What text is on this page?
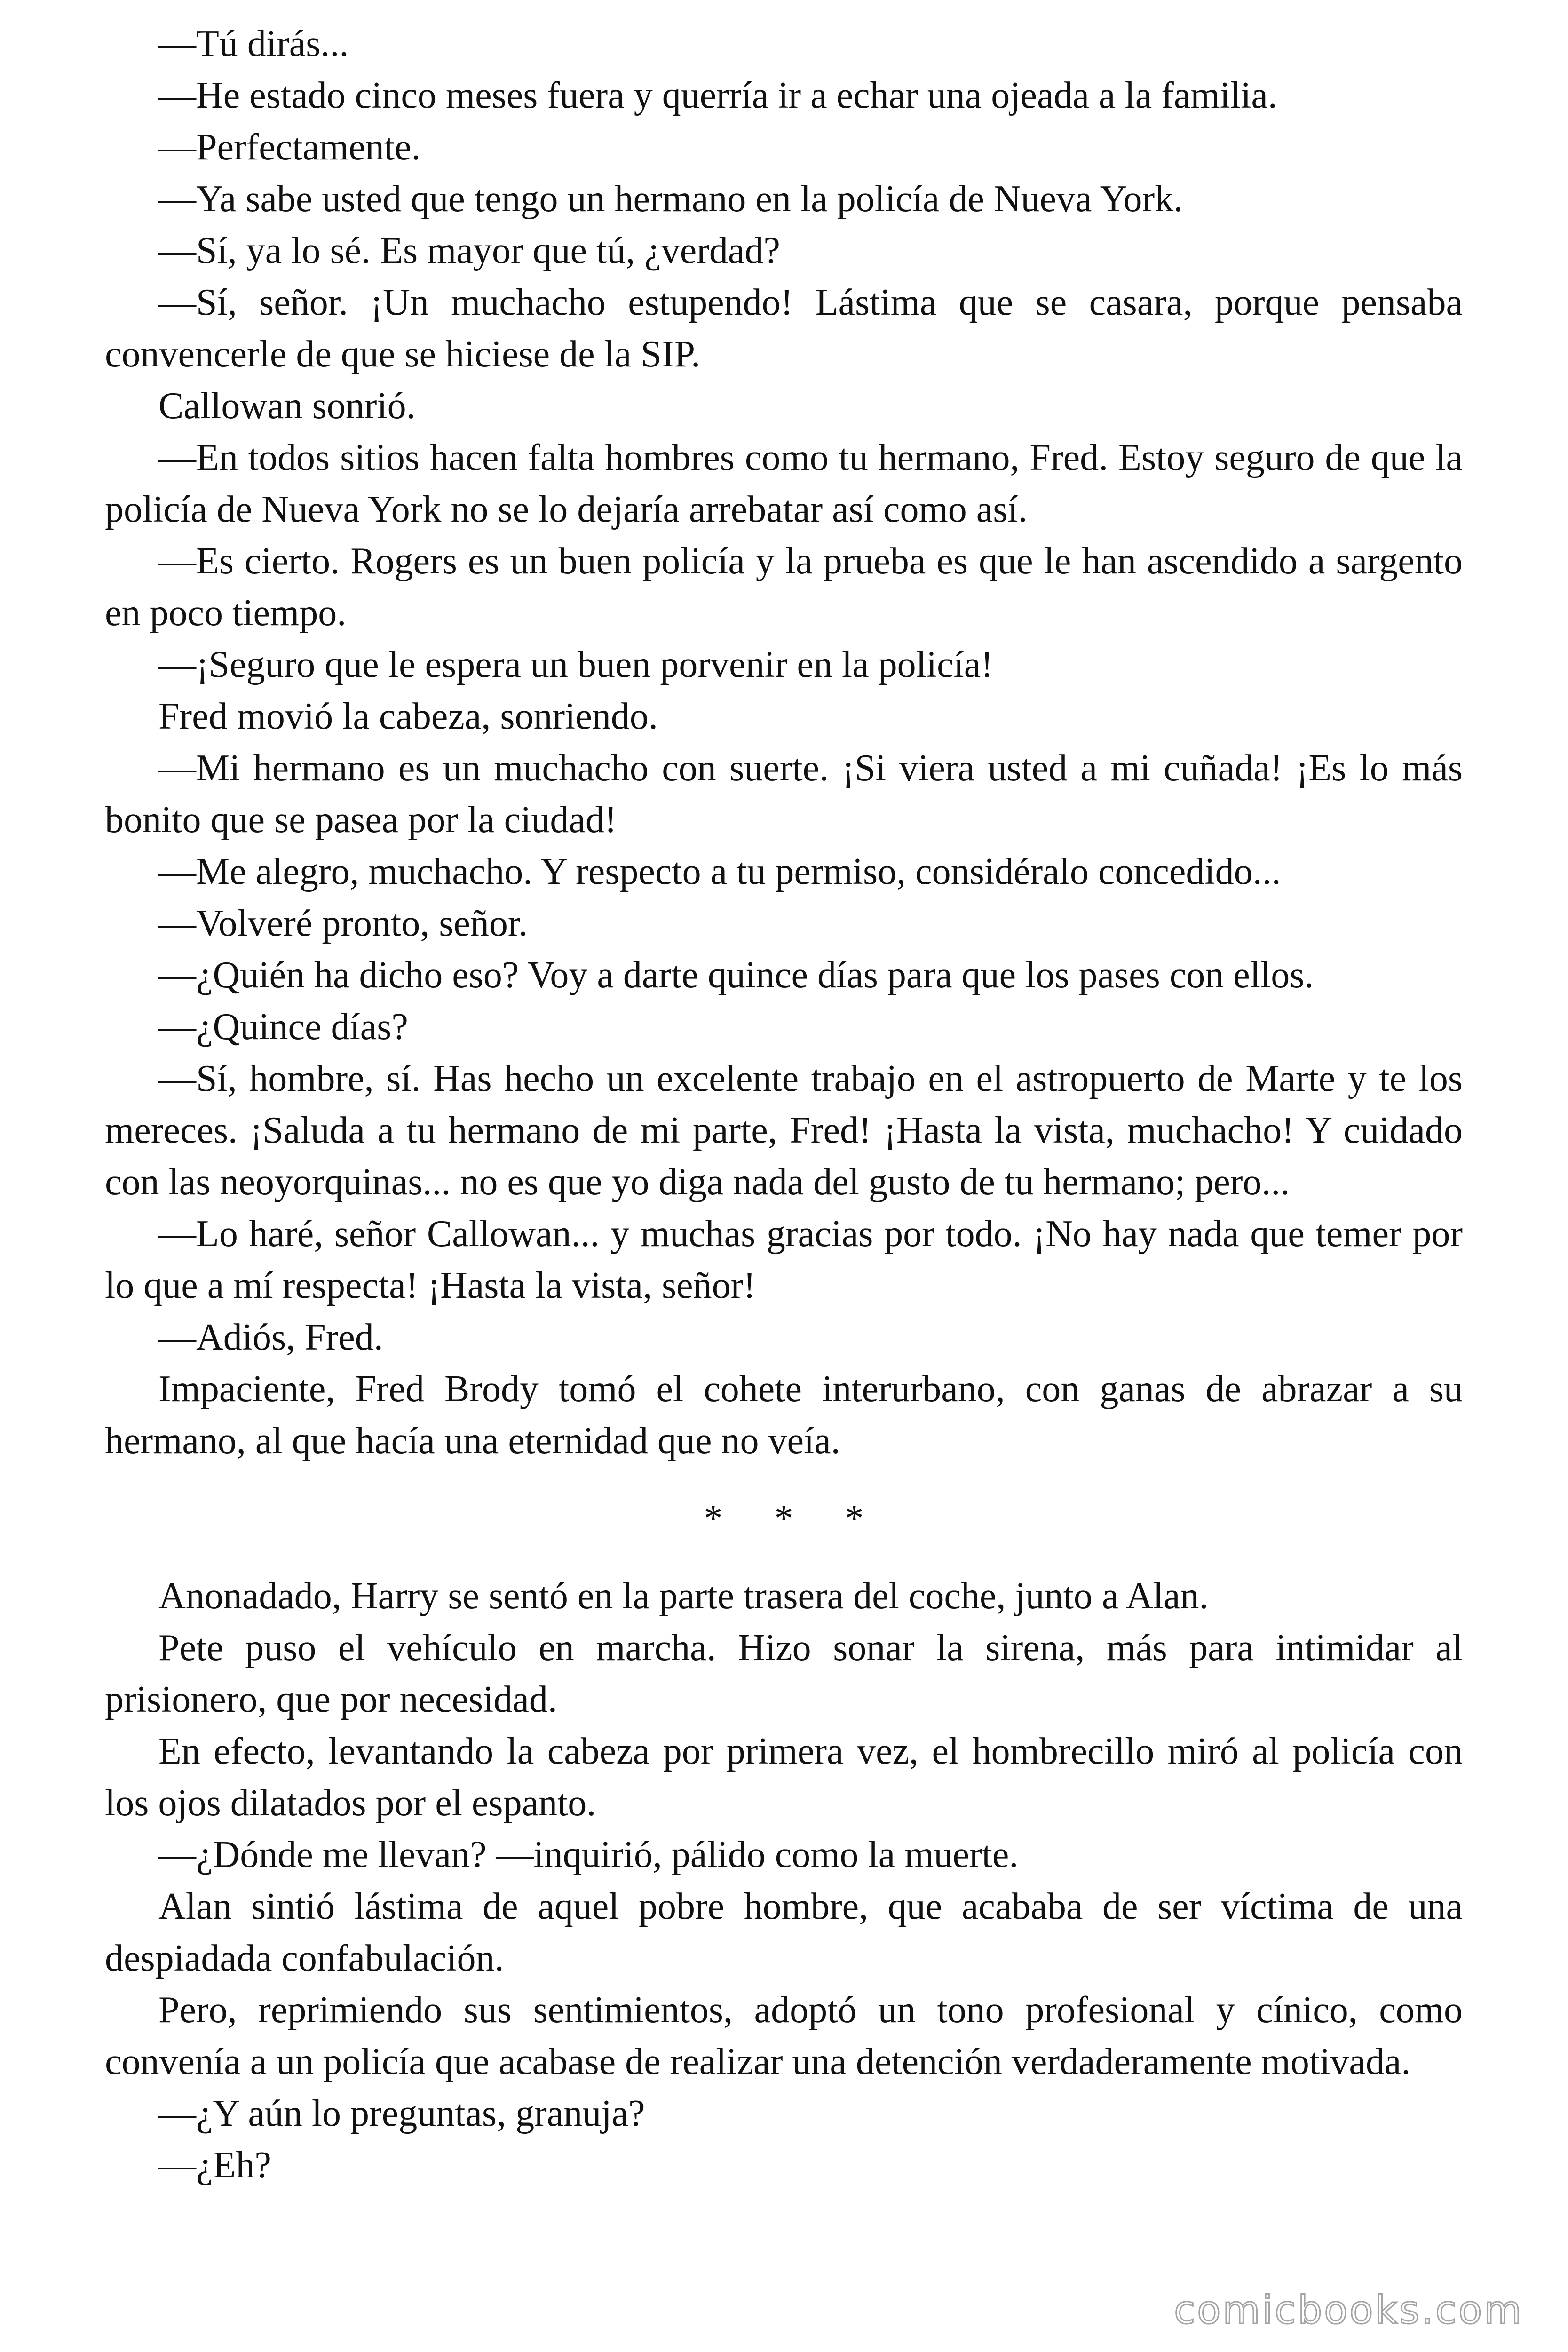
—Tú dirás...

—He estado cinco meses fuera y querría ir a echar una ojeada a la familia.

—Perfectamente.

—Ya sabe usted que tengo un hermano en la policía de Nueva York.

—Sí, ya lo sé. Es mayor que tú, ¿verdad?

—Sí, señor. ¡Un muchacho estupendo! Lástima que se casara, porque pensaba convencerle de que se hiciese de la SIP.

Callowan sonrió.

—En todos sitios hacen falta hombres como tu hermano, Fred. Estoy seguro de que la policía de Nueva York no se lo dejaría arrebatar así como así.

—Es cierto. Rogers es un buen policía y la prueba es que le han ascendido a sargento en poco tiempo.

—¡Seguro que le espera un buen porvenir en la policía!

Fred movió la cabeza, sonriendo.

—Mi hermano es un muchacho con suerte. ¡Si viera usted a mi cuñada! ¡Es lo más bonito que se pasea por la ciudad!

—Me alegro, muchacho. Y respecto a tu permiso, considéralo concedido...

—Volveré pronto, señor.

—¿Quién ha dicho eso? Voy a darte quince días para que los pases con ellos.

—¿Quince días?

—Sí, hombre, sí. Has hecho un excelente trabajo en el astropuerto de Marte y te los mereces. ¡Saluda a tu hermano de mi parte, Fred! ¡Hasta la vista, muchacho! Y cuidado con las neoyorquinas... no es que yo diga nada del gusto de tu hermano; pero...

—Lo haré, señor Callowan... y muchas gracias por todo. ¡No hay nada que temer por lo que a mí respecta! ¡Hasta la vista, señor!

—Adiós, Fred.

Impaciente, Fred Brody tomó el cohete interurbano, con ganas de abrazar a su hermano, al que hacía una eternidad que no veía.

* * *

Anonadado, Harry se sentó en la parte trasera del coche, junto a Alan.

Pete puso el vehículo en marcha. Hizo sonar la sirena, más para intimidar al prisionero, que por necesidad.

En efecto, levantando la cabeza por primera vez, el hombrecillo miró al policía con los ojos dilatados por el espanto.

—¿Dónde me llevan? —inquirió, pálido como la muerte.

Alan sintió lástima de aquel pobre hombre, que acababa de ser víctima de una despiadada confabulación.

Pero, reprimiendo sus sentimientos, adoptó un tono profesional y cínico, como convenía a un policía que acabase de realizar una detención verdaderamente motivada.

—¿Y aún lo preguntas, granuja?

—¿Eh?

comicbooks.com
